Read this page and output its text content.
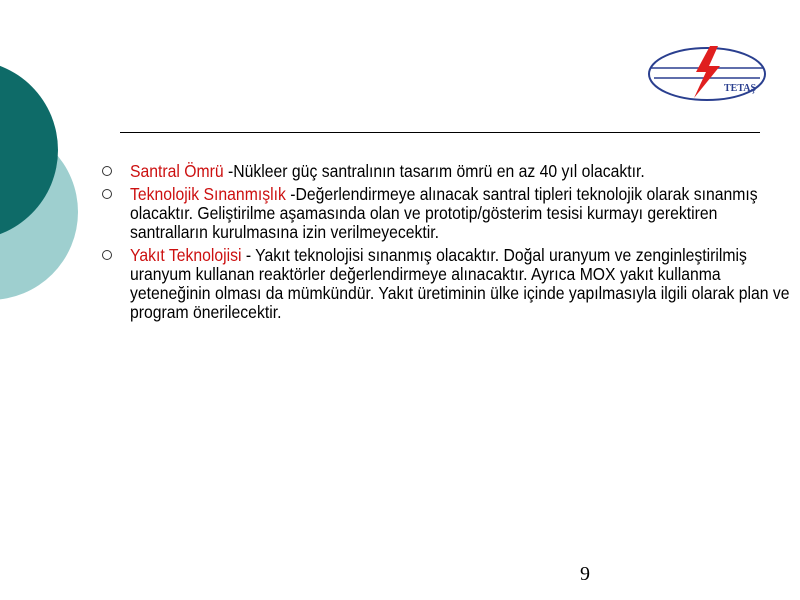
TETAŞ
Santral Ömrü -Nükleer güç santralının tasarım ömrü en az 40 yıl olacaktır.
Teknolojik Sınanmışlık -Değerlendirmeye alınacak santral tipleri teknolojik olarak sınanmış olacaktır. Geliştirilme aşamasında olan ve prototip/gösterim tesisi kurmayı gerektiren santralların kurulmasına izin verilmeyecektir.
Yakıt Teknolojisi - Yakıt teknolojisi sınanmış olacaktır. Doğal uranyum ve zenginleştirilmiş uranyum kullanan reaktörler değerlendirmeye alınacaktır. Ayrıca MOX yakıt kullanma yeteneğinin olması da mümkündür. Yakıt üretiminin ülke içinde yapılmasıyla ilgili olarak plan ve program önerilecektir.
9
